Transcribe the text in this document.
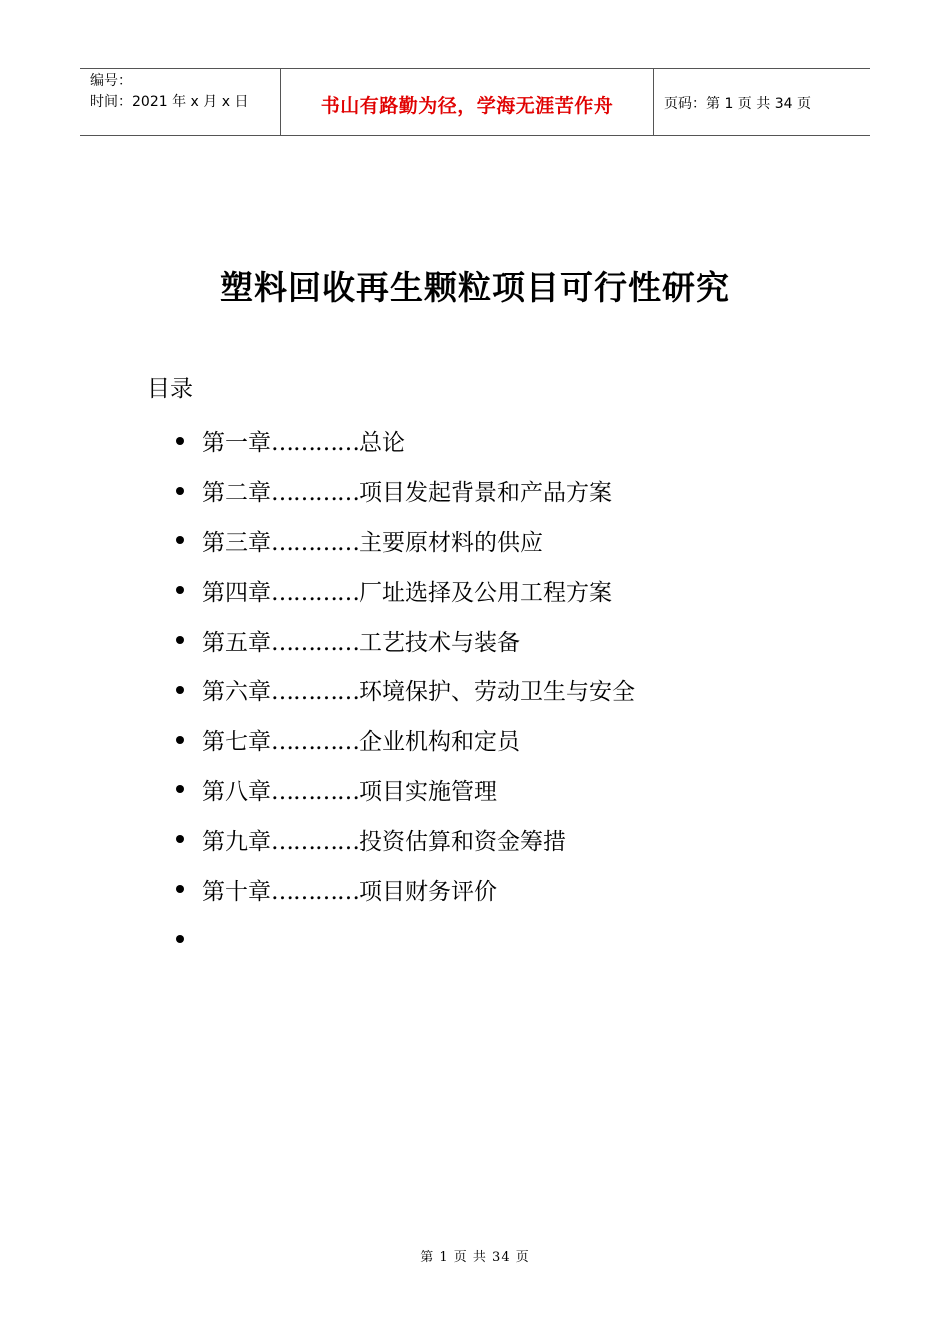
编号：
时间：2021 年 x 月 x 日	书山有路勤为径，学海无涯苦作舟	页码：第 1 页 共 34 页
塑料回收再生颗粒项目可行性研究
目录
第一章…………总论
第二章…………项目发起背景和产品方案
第三章…………主要原材料的供应
第四章…………厂址选择及公用工程方案
第五章…………工艺技术与装备
第六章…………环境保护、劳动卫生与安全
第七章…………企业机构和定员
第八章…………项目实施管理
第九章…………投资估算和资金筹措
第十章…………项目财务评价
第 1 页 共 34 页
